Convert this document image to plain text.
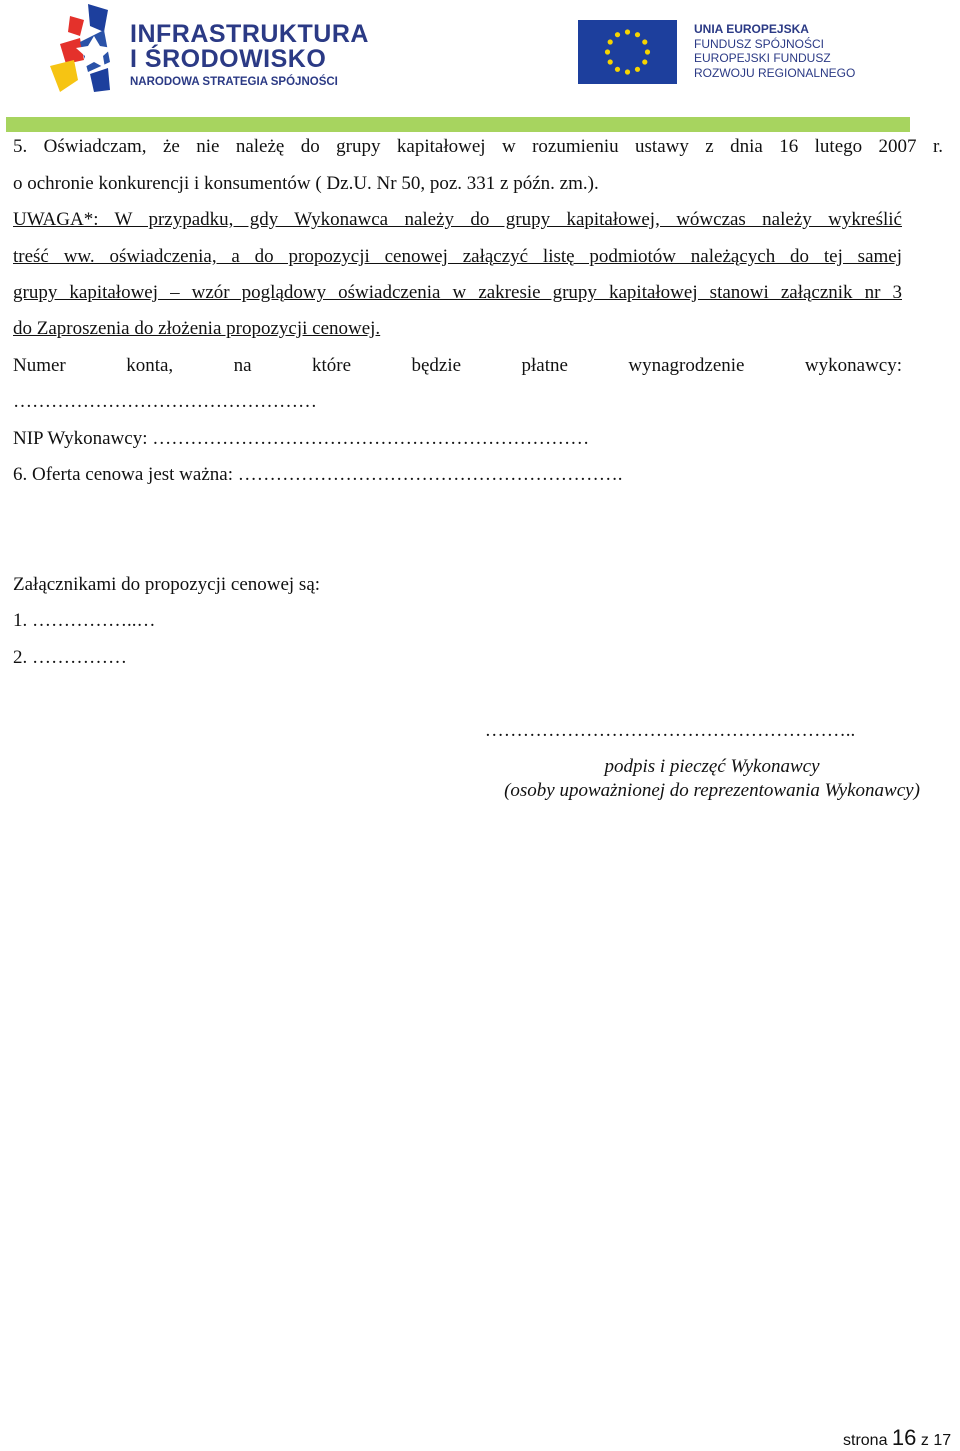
INFRASTRUKTURA
I ŚRODOWISKO
NARODOWA STRATEGIA SPÓJNOŚCI
UNIA EUROPEJSKA
FUNDUSZ SPÓJNOŚCI
EUROPEJSKI FUNDUSZ
ROZWOJU REGIONALNEGO
5. Oświadczam, że nie należę do grupy kapitałowej w rozumieniu ustawy z dnia 16 lutego 2007 r.
o ochronie konkurencji i konsumentów ( Dz.U. Nr 50, poz. 331 z późn. zm.).
UWAGA*: W przypadku, gdy Wykonawca należy do grupy kapitałowej, wówczas należy wykreślić
treść ww. oświadczenia, a do propozycji cenowej załączyć listę podmiotów należących do tej samej
grupy kapitałowej – wzór poglądowy oświadczenia w zakresie grupy kapitałowej stanowi załącznik nr 3
do Zaproszenia do złożenia propozycji cenowej.
Numer konta, na które będzie płatne wynagrodzenie wykonawcy:
…………………………………………
NIP Wykonawcy: ……………………………………………………………
6. Oferta cenowa jest ważna: …………………………………………………….
Załącznikami do propozycji cenowej są:
1. ……………..…
2. ……………
…………………………………………………..
podpis i pieczęć Wykonawcy
(osoby upoważnionej do reprezentowania Wykonawcy)
strona 16 z 17
